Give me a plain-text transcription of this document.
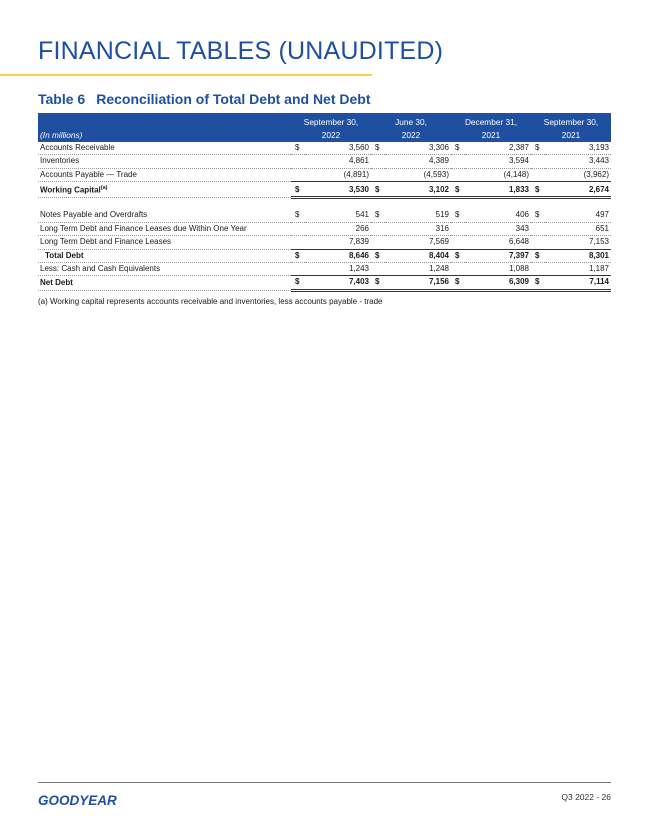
FINANCIAL TABLES (UNAUDITED)
Table 6 Reconciliation of Total Debt and Net Debt
	September 30,		June 30,		December 31,		September 30,	
(In millions)	2022		2022		2021		2021	
Accounts Receivable	$	3,560	$	3,306	$	2,387	$	3,193
Inventories		4,861		4,389		3,594		3,443
Accounts Payable — Trade		(4,891)		(4,593)		(4,148)		(3,962)
Working Capital$^{(a)}$	$	3,530	$	3,102	$	1,833	$	2,674

Notes Payable and Overdrafts	$	541	$	519	$	406	$	497
Long Term Debt and Finance Leases due Within One Year		266		316		343		651
Long Term Debt and Finance Leases		7,839		7,569		6,648		7,153
Total Debt	$	8,646	$	8,404	$	7,397	$	8,301
Less: Cash and Cash Equivalents		1,243		1,248		1,088		1,187
Net Debt	$	7,403	$	7,156	$	6,309	$	7,114
(a) Working capital represents accounts receivable and inventories, less accounts payable - trade
GOODYEAR	Q3 2022 - 26
